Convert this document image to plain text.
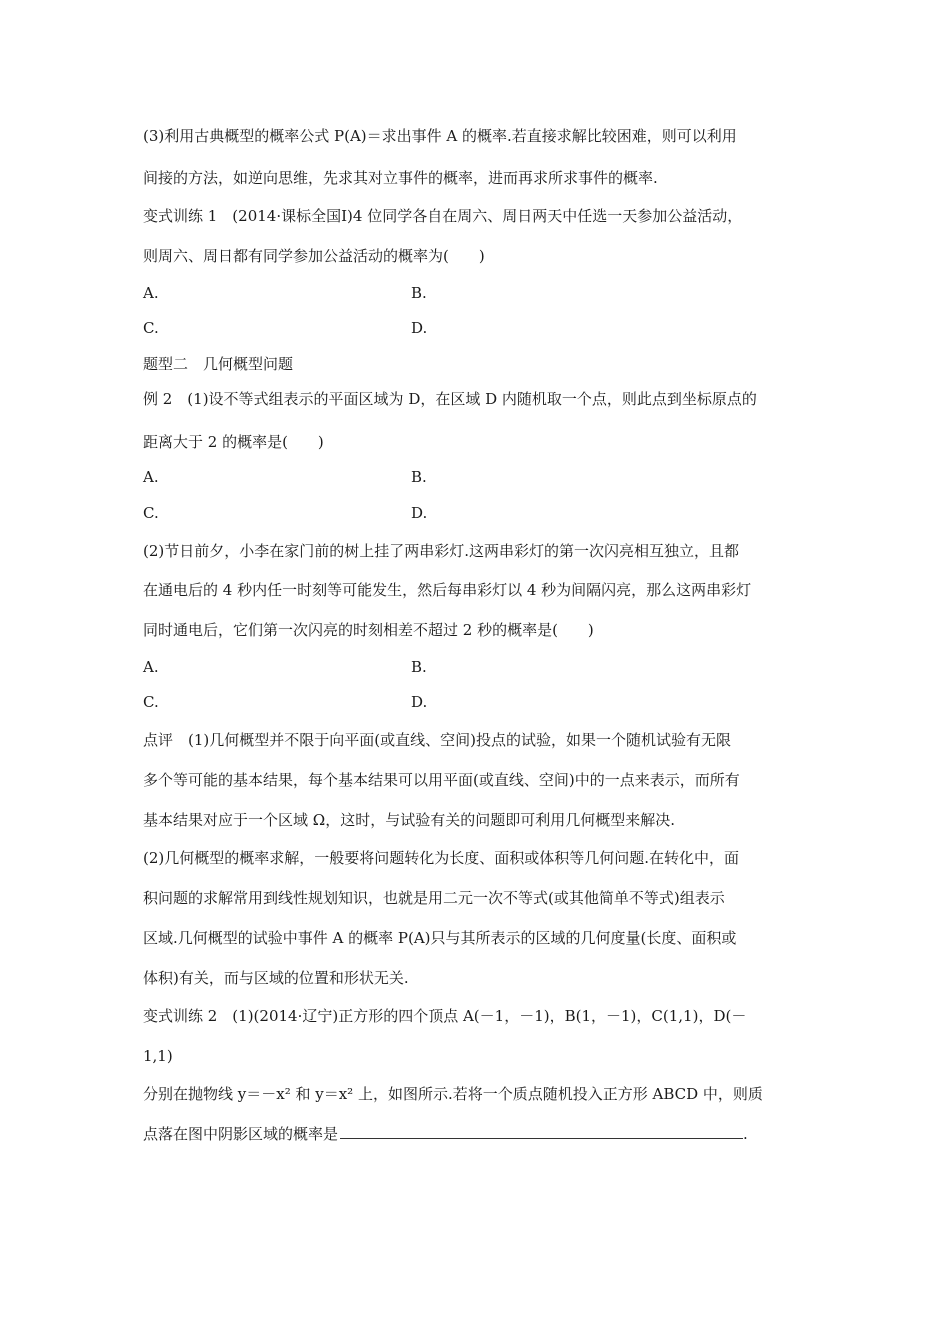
(3)利用古典概型的概率公式 P(A)＝求出事件 A 的概率.若直接求解比较困难，则可以利用
间接的方法，如逆向思维，先求其对立事件的概率，进而再求所求事件的概率.
变式训练 1　(2014·课标全国Ⅰ)4 位同学各自在周六、周日两天中任选一天参加公益活动，
则周六、周日都有同学参加公益活动的概率为(　　)
A.	B.
C.	D.
题型二　几何概型问题
例 2　(1)设不等式组表示的平面区域为 D，在区域 D 内随机取一个点，则此点到坐标原点的
距离大于 2 的概率是(　　)
A.	B.
C.	D.
(2)节日前夕，小李在家门前的树上挂了两串彩灯.这两串彩灯的第一次闪亮相互独立，且都
在通电后的 4 秒内任一时刻等可能发生，然后每串彩灯以 4 秒为间隔闪亮，那么这两串彩灯
同时通电后，它们第一次闪亮的时刻相差不超过 2 秒的概率是(　　)
A.	B.
C.	D.
点评　(1)几何概型并不限于向平面(或直线、空间)投点的试验，如果一个随机试验有无限
多个等可能的基本结果，每个基本结果可以用平面(或直线、空间)中的一点来表示，而所有
基本结果对应于一个区域 Ω，这时，与试验有关的问题即可利用几何概型来解决.
(2)几何概型的概率求解，一般要将问题转化为长度、面积或体积等几何问题.在转化中，面
积问题的求解常用到线性规划知识，也就是用二元一次不等式(或其他简单不等式)组表示
区域.几何概型的试验中事件 A 的概率 P(A)只与其所表示的区域的几何度量(长度、面积或
体积)有关，而与区域的位置和形状无关.
变式训练 2　(1)(2014·辽宁)正方形的四个顶点 A(－1，－1)，B(1，－1)，C(1,1)，D(－
1,1)
分别在抛物线 y＝－x² 和 y＝x² 上，如图所示.若将一个质点随机投入正方形 ABCD 中，则质
点落在图中阴影区域的概率是	.
